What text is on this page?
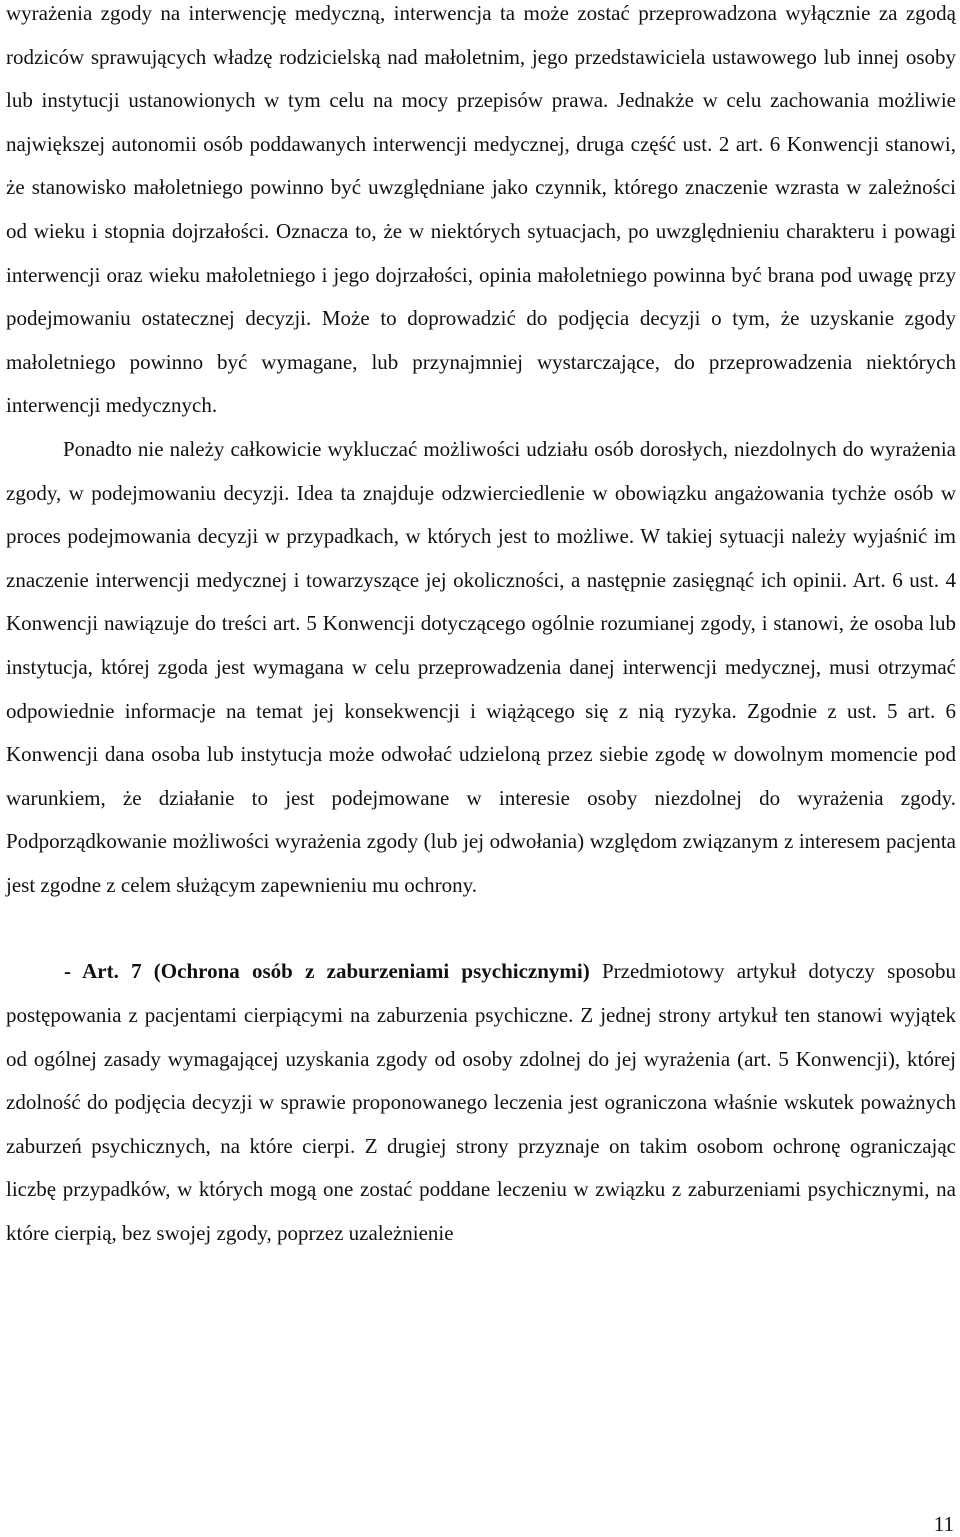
wyrażenia zgody na interwencję medyczną, interwencja ta może zostać przeprowadzona wyłącznie za zgodą rodziców sprawujących władzę rodzicielską nad małoletnim, jego przedstawiciela ustawowego lub innej osoby lub instytucji ustanowionych w tym celu na mocy przepisów prawa. Jednakże w celu zachowania możliwie największej autonomii osób poddawanych interwencji medycznej, druga część ust. 2 art. 6 Konwencji stanowi, że stanowisko małoletniego powinno być uwzględniane jako czynnik, którego znaczenie wzrasta w zależności od wieku i stopnia dojrzałości. Oznacza to, że w niektórych sytuacjach, po uwzględnieniu charakteru i powagi interwencji oraz wieku małoletniego i jego dojrzałości, opinia małoletniego powinna być brana pod uwagę przy podejmowaniu ostatecznej decyzji. Może to doprowadzić do podjęcia decyzji o tym, że uzyskanie zgody małoletniego powinno być wymagane, lub przynajmniej wystarczające, do przeprowadzenia niektórych interwencji medycznych.

Ponadto nie należy całkowicie wykluczać możliwości udziału osób dorosłych, niezdolnych do wyrażenia zgody, w podejmowaniu decyzji. Idea ta znajduje odzwierciedlenie w obowiązku angażowania tychże osób w proces podejmowania decyzji w przypadkach, w których jest to możliwe. W takiej sytuacji należy wyjaśnić im znaczenie interwencji medycznej i towarzyszące jej okoliczności, a następnie zasięgnąć ich opinii. Art. 6 ust. 4 Konwencji nawiązuje do treści art. 5 Konwencji dotyczącego ogólnie rozumianej zgody, i stanowi, że osoba lub instytucja, której zgoda jest wymagana w celu przeprowadzenia danej interwencji medycznej, musi otrzymać odpowiednie informacje na temat jej konsekwencji i wiążącego się z nią ryzyka. Zgodnie z ust. 5 art. 6 Konwencji dana osoba lub instytucja może odwołać udzieloną przez siebie zgodę w dowolnym momencie pod warunkiem, że działanie to jest podejmowane w interesie osoby niezdolnej do wyrażenia zgody. Podporządkowanie możliwości wyrażenia zgody (lub jej odwołania) względom związanym z interesem pacjenta jest zgodne z celem służącym zapewnieniu mu ochrony.

- Art. 7 (Ochrona osób z zaburzeniami psychicznymi) Przedmiotowy artykuł dotyczy sposobu postępowania z pacjentami cierpiącymi na zaburzenia psychiczne. Z jednej strony artykuł ten stanowi wyjątek od ogólnej zasady wymagającej uzyskania zgody od osoby zdolnej do jej wyrażenia (art. 5 Konwencji), której zdolność do podjęcia decyzji w sprawie proponowanego leczenia jest ograniczona właśnie wskutek poważnych zaburzeń psychicznych, na które cierpi. Z drugiej strony przyznaje on takim osobom ochronę ograniczając liczbę przypadków, w których mogą one zostać poddane leczeniu w związku z zaburzeniami psychicznymi, na które cierpią, bez swojej zgody, poprzez uzależnienie

11
